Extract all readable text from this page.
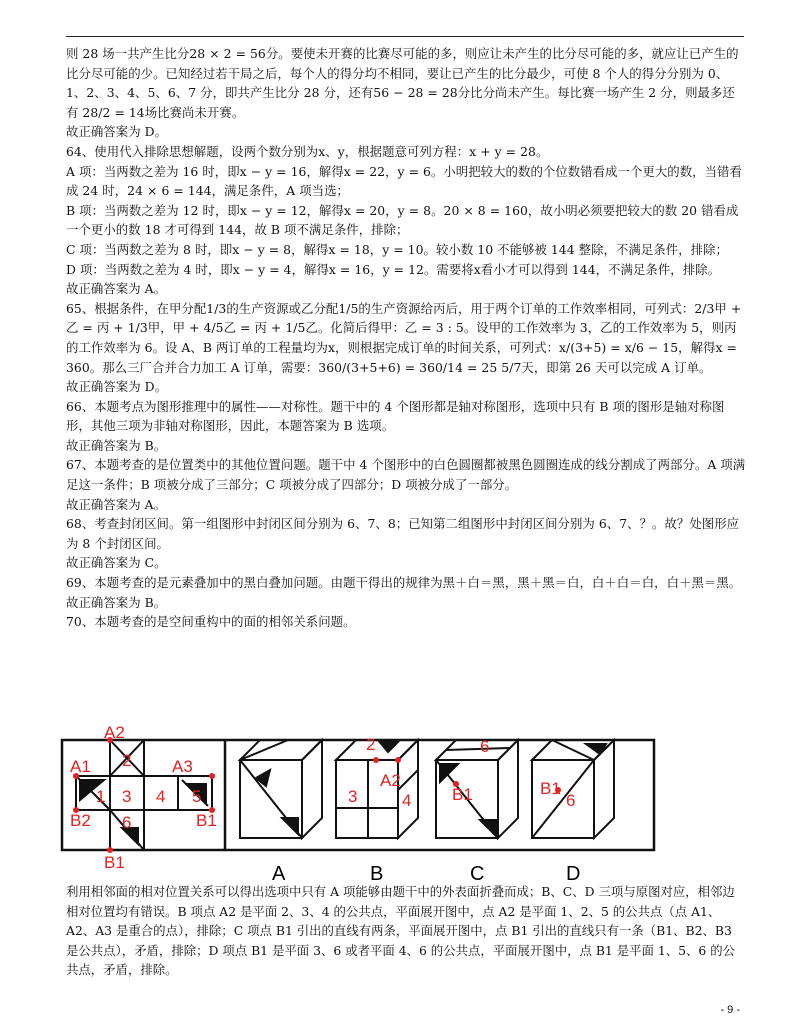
则 28 场一共产生比分28 × 2 = 56分。要使未开赛的比赛尽可能的多，则应让未产生的比分尽可能的多，就应让已产生的比分尽可能的少。已知经过若干局之后，每个人的得分均不相同，要让已产生的比分最少，可使 8 个人的得分分别为 0、1、2、3、4、5、6、7 分，即共产生比分 28 分，还有56 − 28 = 28分比分尚未产生。每比赛一场产生 2 分，则最多还有 28/2 = 14场比赛尚未开赛。

故正确答案为 D。

64、使用代入排除思想解题，设两个数分别为x、y，根据题意可列方程：x + y = 28。

A 项：当两数之差为 16 时，即x − y = 16，解得x = 22，y = 6。小明把较大的数的个位数错看成一个更大的数，当错看成 24 时，24 × 6 = 144，满足条件，A 项当选；

B 项：当两数之差为 12 时，即x − y = 12，解得x = 20，y = 8。20 × 8 = 160，故小明必须要把较大的数 20 错看成一个更小的数 18 才可得到 144，故 B 项不满足条件，排除；

C 项：当两数之差为 8 时，即x − y = 8，解得x = 18，y = 10。较小数 10 不能够被 144 整除，不满足条件，排除；

D 项：当两数之差为 4 时，即x − y = 4，解得x = 16，y = 12。需要将x看小才可以得到 144，不满足条件，排除。

故正确答案为 A。

65、根据条件，在甲分配1/3的生产资源或乙分配1/5的生产资源给丙后，用于两个订单的工作效率相同，可列式：2/3甲 + 乙 = 丙 + 1/3甲，甲 + 4/5乙 = 丙 + 1/5乙。化简后得甲：乙 = 3 : 5。设甲的工作效率为 3，乙的工作效率为 5，则丙的工作效率为 6。设 A、B 两订单的工程量均为x，则根据完成订单的时间关系，可列式：x/(3+5) = x/6 − 15，解得x = 360。那么三厂合并合力加工 A 订单，需要：360/(3+5+6) = 360/14 = 25 5/7天，即第 26 天可以完成 A 订单。

故正确答案为 D。

66、本题考点为图形推理中的属性——对称性。题干中的 4 个图形都是轴对称图形，选项中只有 B 项的图形是轴对称图形，其他三项为非轴对称图形，因此，本题答案为 B 选项。

故正确答案为 B。

67、本题考查的是位置类中的其他位置问题。题干中 4 个图形中的白色圆圈都被黑色圆圈连成的线分割成了两部分。A 项满足这一条件；B 项被分成了三部分；C 项被分成了四部分；D 项被分成了一部分。

故正确答案为 A。

68、考查封闭区间。第一组图形中封闭区间分别为 6、7、8；已知第二组图形中封闭区间分别为 6、7、？。故？处图形应为 8 个封闭区间。

故正确答案为 C。

69、本题考查的是元素叠加中的黑白叠加问题。由题干得出的规律为黑＋白＝黑，黑＋黑＝白，白＋白＝白，白＋黑＝黑。

故正确答案为 B。

70、本题考查的是空间重构中的面的相邻关系问题。

A2
A1	A3
2
1 3 4 5
6
B2	B1
B1
2
3
A2
4
6
B1	B1
6
A	B	C	D

利用相邻面的相对位置关系可以得出选项中只有 A 项能够由题干中的外表面折叠而成；B、C、D 三项与原图对应，相邻边相对位置均有错误。B 项点 A2 是平面 2、3、4 的公共点，平面展开图中，点 A2 是平面 1、2、5 的公共点（点 A1、A2、A3 是重合的点），排除；C 项点 B1 引出的直线有两条，平面展开图中，点 B1 引出的直线只有一条（B1、B2、B3 是公共点），矛盾，排除；D 项点 B1 是平面 3、6 或者平面 4、6 的公共点，平面展开图中，点 B1 是平面 1、5、6 的公共点，矛盾，排除。

- 9 -
